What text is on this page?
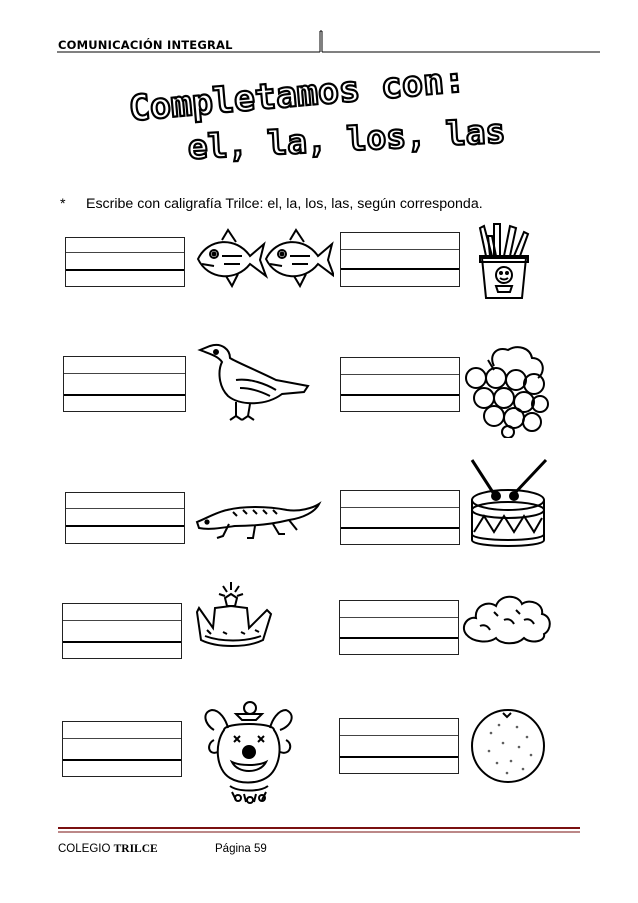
COMUNICACIÓN INTEGRAL
Completamos con:
el, la, los, las
* Escribe con caligrafía Trilce: el, la, los, las, según corresponda.
COLEGIO TRILCE	Página 59
